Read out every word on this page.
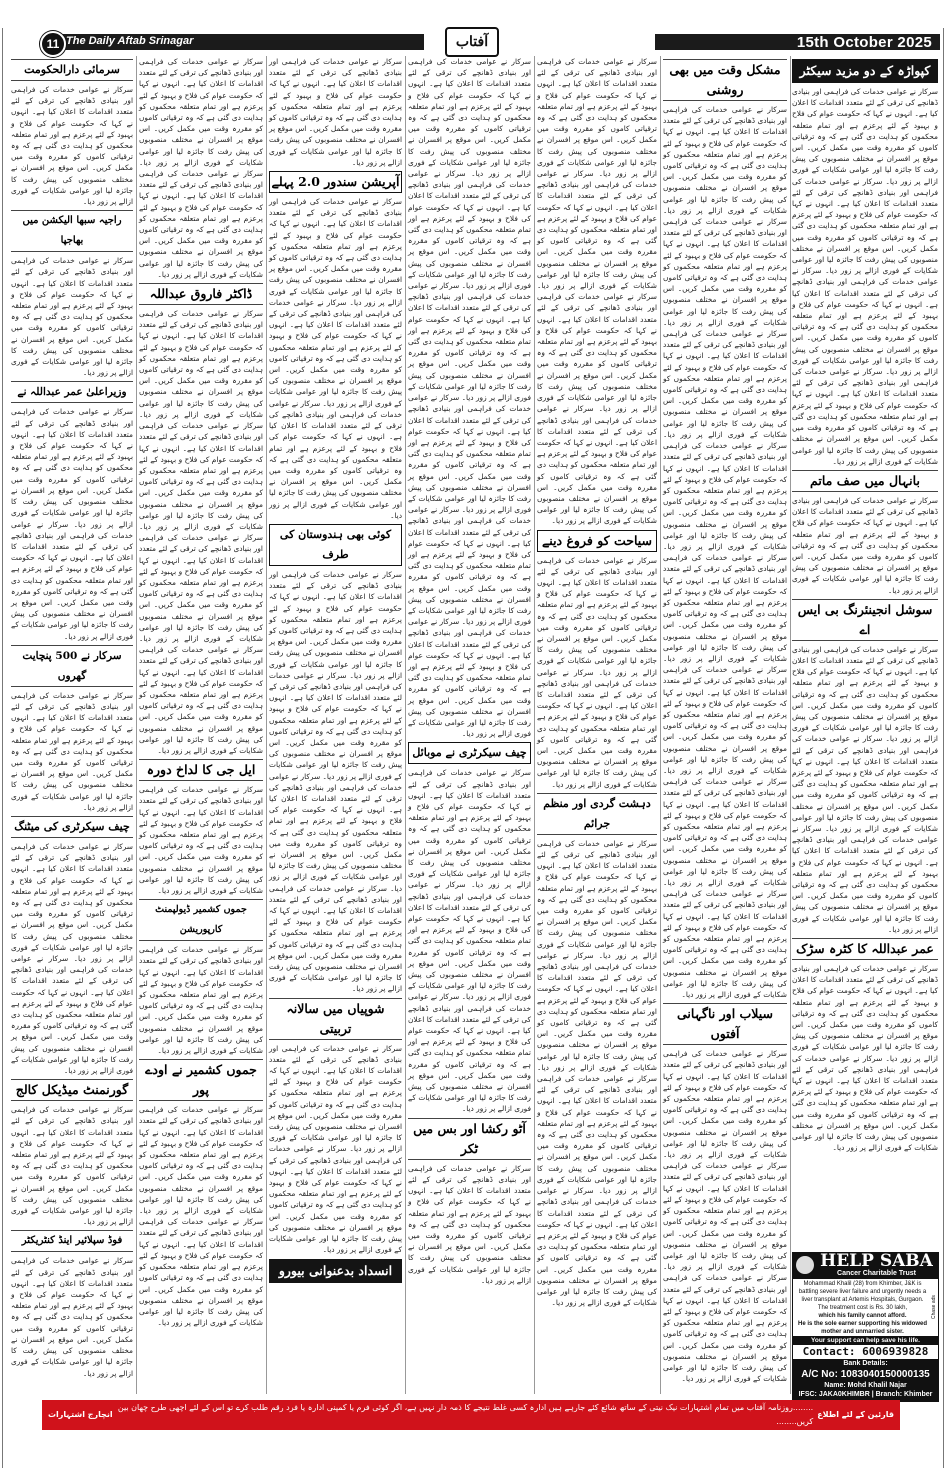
The Daily Aftab Srinagar
11	آفتاب	15th October 2025
کپواڑہ کے دو مزید سیکٹر
سرکار نے عوامی خدمات کی فراہمی اور بنیادی ڈھانچے کی ترقی کے لئے متعدد اقدامات کا اعلان کیا ہے۔ انہوں نے کہا کہ حکومت عوام کی فلاح و بہبود کے لئے پرعزم ہے اور تمام متعلقہ محکموں کو ہدایت دی گئی ہے کہ وہ ترقیاتی کاموں کو مقررہ وقت میں مکمل کریں۔ اس موقع پر افسران نے مختلف منصوبوں کی پیش رفت کا جائزہ لیا اور عوامی شکایات کے فوری ازالے پر زور دیا۔ سرکار نے عوامی خدمات کی فراہمی اور بنیادی ڈھانچے کی ترقی کے لئے متعدد اقدامات کا اعلان کیا ہے۔ انہوں نے کہا کہ حکومت عوام کی فلاح و بہبود کے لئے پرعزم ہے اور تمام متعلقہ محکموں کو ہدایت دی گئی ہے کہ وہ ترقیاتی کاموں کو مقررہ وقت میں مکمل کریں۔ اس موقع پر افسران نے مختلف منصوبوں کی پیش رفت کا جائزہ لیا اور عوامی شکایات کے فوری ازالے پر زور دیا۔ سرکار نے عوامی خدمات کی فراہمی اور بنیادی ڈھانچے کی ترقی کے لئے متعدد اقدامات کا اعلان کیا ہے۔ انہوں نے کہا کہ حکومت عوام کی فلاح و بہبود کے لئے پرعزم ہے اور تمام متعلقہ محکموں کو ہدایت دی گئی ہے کہ وہ ترقیاتی کاموں کو مقررہ وقت میں مکمل کریں۔ اس موقع پر افسران نے مختلف منصوبوں کی پیش رفت کا جائزہ لیا اور عوامی شکایات کے فوری ازالے پر زور دیا۔ سرکار نے عوامی خدمات کی فراہمی اور بنیادی ڈھانچے کی ترقی کے لئے متعدد اقدامات کا اعلان کیا ہے۔ انہوں نے کہا کہ حکومت عوام کی فلاح و بہبود کے لئے پرعزم ہے اور تمام متعلقہ محکموں کو ہدایت دی گئی ہے کہ وہ ترقیاتی کاموں کو مقررہ وقت میں مکمل کریں۔ اس موقع پر افسران نے مختلف منصوبوں کی پیش رفت کا جائزہ لیا اور عوامی شکایات کے فوری ازالے پر زور دیا۔
بانہال میں صف ماتم
سرکار نے عوامی خدمات کی فراہمی اور بنیادی ڈھانچے کی ترقی کے لئے متعدد اقدامات کا اعلان کیا ہے۔ انہوں نے کہا کہ حکومت عوام کی فلاح و بہبود کے لئے پرعزم ہے اور تمام متعلقہ محکموں کو ہدایت دی گئی ہے کہ وہ ترقیاتی کاموں کو مقررہ وقت میں مکمل کریں۔ اس موقع پر افسران نے مختلف منصوبوں کی پیش رفت کا جائزہ لیا اور عوامی شکایات کے فوری ازالے پر زور دیا۔
سوشل انجینئرنگ بی ایس اے
سرکار نے عوامی خدمات کی فراہمی اور بنیادی ڈھانچے کی ترقی کے لئے متعدد اقدامات کا اعلان کیا ہے۔ انہوں نے کہا کہ حکومت عوام کی فلاح و بہبود کے لئے پرعزم ہے اور تمام متعلقہ محکموں کو ہدایت دی گئی ہے کہ وہ ترقیاتی کاموں کو مقررہ وقت میں مکمل کریں۔ اس موقع پر افسران نے مختلف منصوبوں کی پیش رفت کا جائزہ لیا اور عوامی شکایات کے فوری ازالے پر زور دیا۔ سرکار نے عوامی خدمات کی فراہمی اور بنیادی ڈھانچے کی ترقی کے لئے متعدد اقدامات کا اعلان کیا ہے۔ انہوں نے کہا کہ حکومت عوام کی فلاح و بہبود کے لئے پرعزم ہے اور تمام متعلقہ محکموں کو ہدایت دی گئی ہے کہ وہ ترقیاتی کاموں کو مقررہ وقت میں مکمل کریں۔ اس موقع پر افسران نے مختلف منصوبوں کی پیش رفت کا جائزہ لیا اور عوامی شکایات کے فوری ازالے پر زور دیا۔ سرکار نے عوامی خدمات کی فراہمی اور بنیادی ڈھانچے کی ترقی کے لئے متعدد اقدامات کا اعلان کیا ہے۔ انہوں نے کہا کہ حکومت عوام کی فلاح و بہبود کے لئے پرعزم ہے اور تمام متعلقہ محکموں کو ہدایت دی گئی ہے کہ وہ ترقیاتی کاموں کو مقررہ وقت میں مکمل کریں۔ اس موقع پر افسران نے مختلف منصوبوں کی پیش رفت کا جائزہ لیا اور عوامی شکایات کے فوری ازالے پر زور دیا۔
عمر عبداللہ کا کٹرہ سڑک
سرکار نے عوامی خدمات کی فراہمی اور بنیادی ڈھانچے کی ترقی کے لئے متعدد اقدامات کا اعلان کیا ہے۔ انہوں نے کہا کہ حکومت عوام کی فلاح و بہبود کے لئے پرعزم ہے اور تمام متعلقہ محکموں کو ہدایت دی گئی ہے کہ وہ ترقیاتی کاموں کو مقررہ وقت میں مکمل کریں۔ اس موقع پر افسران نے مختلف منصوبوں کی پیش رفت کا جائزہ لیا اور عوامی شکایات کے فوری ازالے پر زور دیا۔ سرکار نے عوامی خدمات کی فراہمی اور بنیادی ڈھانچے کی ترقی کے لئے متعدد اقدامات کا اعلان کیا ہے۔ انہوں نے کہا کہ حکومت عوام کی فلاح و بہبود کے لئے پرعزم ہے اور تمام متعلقہ محکموں کو ہدایت دی گئی ہے کہ وہ ترقیاتی کاموں کو مقررہ وقت میں مکمل کریں۔ اس موقع پر افسران نے مختلف منصوبوں کی پیش رفت کا جائزہ لیا اور عوامی شکایات کے فوری ازالے پر زور دیا۔
مشکل وقت میں بھی روشنی
سرکار نے عوامی خدمات کی فراہمی اور بنیادی ڈھانچے کی ترقی کے لئے متعدد اقدامات کا اعلان کیا ہے۔ انہوں نے کہا کہ حکومت عوام کی فلاح و بہبود کے لئے پرعزم ہے اور تمام متعلقہ محکموں کو ہدایت دی گئی ہے کہ وہ ترقیاتی کاموں کو مقررہ وقت میں مکمل کریں۔ اس موقع پر افسران نے مختلف منصوبوں کی پیش رفت کا جائزہ لیا اور عوامی شکایات کے فوری ازالے پر زور دیا۔ سرکار نے عوامی خدمات کی فراہمی اور بنیادی ڈھانچے کی ترقی کے لئے متعدد اقدامات کا اعلان کیا ہے۔ انہوں نے کہا کہ حکومت عوام کی فلاح و بہبود کے لئے پرعزم ہے اور تمام متعلقہ محکموں کو ہدایت دی گئی ہے کہ وہ ترقیاتی کاموں کو مقررہ وقت میں مکمل کریں۔ اس موقع پر افسران نے مختلف منصوبوں کی پیش رفت کا جائزہ لیا اور عوامی شکایات کے فوری ازالے پر زور دیا۔ سرکار نے عوامی خدمات کی فراہمی اور بنیادی ڈھانچے کی ترقی کے لئے متعدد اقدامات کا اعلان کیا ہے۔ انہوں نے کہا کہ حکومت عوام کی فلاح و بہبود کے لئے پرعزم ہے اور تمام متعلقہ محکموں کو ہدایت دی گئی ہے کہ وہ ترقیاتی کاموں کو مقررہ وقت میں مکمل کریں۔ اس موقع پر افسران نے مختلف منصوبوں کی پیش رفت کا جائزہ لیا اور عوامی شکایات کے فوری ازالے پر زور دیا۔ سرکار نے عوامی خدمات کی فراہمی اور بنیادی ڈھانچے کی ترقی کے لئے متعدد اقدامات کا اعلان کیا ہے۔ انہوں نے کہا کہ حکومت عوام کی فلاح و بہبود کے لئے پرعزم ہے اور تمام متعلقہ محکموں کو ہدایت دی گئی ہے کہ وہ ترقیاتی کاموں کو مقررہ وقت میں مکمل کریں۔ اس موقع پر افسران نے مختلف منصوبوں کی پیش رفت کا جائزہ لیا اور عوامی شکایات کے فوری ازالے پر زور دیا۔ سرکار نے عوامی خدمات کی فراہمی اور بنیادی ڈھانچے کی ترقی کے لئے متعدد اقدامات کا اعلان کیا ہے۔ انہوں نے کہا کہ حکومت عوام کی فلاح و بہبود کے لئے پرعزم ہے اور تمام متعلقہ محکموں کو ہدایت دی گئی ہے کہ وہ ترقیاتی کاموں کو مقررہ وقت میں مکمل کریں۔ اس موقع پر افسران نے مختلف منصوبوں کی پیش رفت کا جائزہ لیا اور عوامی شکایات کے فوری ازالے پر زور دیا۔ سرکار نے عوامی خدمات کی فراہمی اور بنیادی ڈھانچے کی ترقی کے لئے متعدد اقدامات کا اعلان کیا ہے۔ انہوں نے کہا کہ حکومت عوام کی فلاح و بہبود کے لئے پرعزم ہے اور تمام متعلقہ محکموں کو ہدایت دی گئی ہے کہ وہ ترقیاتی کاموں کو مقررہ وقت میں مکمل کریں۔ اس موقع پر افسران نے مختلف منصوبوں کی پیش رفت کا جائزہ لیا اور عوامی شکایات کے فوری ازالے پر زور دیا۔ سرکار نے عوامی خدمات کی فراہمی اور بنیادی ڈھانچے کی ترقی کے لئے متعدد اقدامات کا اعلان کیا ہے۔ انہوں نے کہا کہ حکومت عوام کی فلاح و بہبود کے لئے پرعزم ہے اور تمام متعلقہ محکموں کو ہدایت دی گئی ہے کہ وہ ترقیاتی کاموں کو مقررہ وقت میں مکمل کریں۔ اس موقع پر افسران نے مختلف منصوبوں کی پیش رفت کا جائزہ لیا اور عوامی شکایات کے فوری ازالے پر زور دیا۔ سرکار نے عوامی خدمات کی فراہمی اور بنیادی ڈھانچے کی ترقی کے لئے متعدد اقدامات کا اعلان کیا ہے۔ انہوں نے کہا کہ حکومت عوام کی فلاح و بہبود کے لئے پرعزم ہے اور تمام متعلقہ محکموں کو ہدایت دی گئی ہے کہ وہ ترقیاتی کاموں کو مقررہ وقت میں مکمل کریں۔ اس موقع پر افسران نے مختلف منصوبوں کی پیش رفت کا جائزہ لیا اور عوامی شکایات کے فوری ازالے پر زور دیا۔
سیلاب اور ناگہانی آفتوں
سرکار نے عوامی خدمات کی فراہمی اور بنیادی ڈھانچے کی ترقی کے لئے متعدد اقدامات کا اعلان کیا ہے۔ انہوں نے کہا کہ حکومت عوام کی فلاح و بہبود کے لئے پرعزم ہے اور تمام متعلقہ محکموں کو ہدایت دی گئی ہے کہ وہ ترقیاتی کاموں کو مقررہ وقت میں مکمل کریں۔ اس موقع پر افسران نے مختلف منصوبوں کی پیش رفت کا جائزہ لیا اور عوامی شکایات کے فوری ازالے پر زور دیا۔ سرکار نے عوامی خدمات کی فراہمی اور بنیادی ڈھانچے کی ترقی کے لئے متعدد اقدامات کا اعلان کیا ہے۔ انہوں نے کہا کہ حکومت عوام کی فلاح و بہبود کے لئے پرعزم ہے اور تمام متعلقہ محکموں کو ہدایت دی گئی ہے کہ وہ ترقیاتی کاموں کو مقررہ وقت میں مکمل کریں۔ اس موقع پر افسران نے مختلف منصوبوں کی پیش رفت کا جائزہ لیا اور عوامی شکایات کے فوری ازالے پر زور دیا۔ سرکار نے عوامی خدمات کی فراہمی اور بنیادی ڈھانچے کی ترقی کے لئے متعدد اقدامات کا اعلان کیا ہے۔ انہوں نے کہا کہ حکومت عوام کی فلاح و بہبود کے لئے پرعزم ہے اور تمام متعلقہ محکموں کو ہدایت دی گئی ہے کہ وہ ترقیاتی کاموں کو مقررہ وقت میں مکمل کریں۔ اس موقع پر افسران نے مختلف منصوبوں کی پیش رفت کا جائزہ لیا اور عوامی شکایات کے فوری ازالے پر زور دیا۔
سرکار نے عوامی خدمات کی فراہمی اور بنیادی ڈھانچے کی ترقی کے لئے متعدد اقدامات کا اعلان کیا ہے۔ انہوں نے کہا کہ حکومت عوام کی فلاح و بہبود کے لئے پرعزم ہے اور تمام متعلقہ محکموں کو ہدایت دی گئی ہے کہ وہ ترقیاتی کاموں کو مقررہ وقت میں مکمل کریں۔ اس موقع پر افسران نے مختلف منصوبوں کی پیش رفت کا جائزہ لیا اور عوامی شکایات کے فوری ازالے پر زور دیا۔ سرکار نے عوامی خدمات کی فراہمی اور بنیادی ڈھانچے کی ترقی کے لئے متعدد اقدامات کا اعلان کیا ہے۔ انہوں نے کہا کہ حکومت عوام کی فلاح و بہبود کے لئے پرعزم ہے اور تمام متعلقہ محکموں کو ہدایت دی گئی ہے کہ وہ ترقیاتی کاموں کو مقررہ وقت میں مکمل کریں۔ اس موقع پر افسران نے مختلف منصوبوں کی پیش رفت کا جائزہ لیا اور عوامی شکایات کے فوری ازالے پر زور دیا۔ سرکار نے عوامی خدمات کی فراہمی اور بنیادی ڈھانچے کی ترقی کے لئے متعدد اقدامات کا اعلان کیا ہے۔ انہوں نے کہا کہ حکومت عوام کی فلاح و بہبود کے لئے پرعزم ہے اور تمام متعلقہ محکموں کو ہدایت دی گئی ہے کہ وہ ترقیاتی کاموں کو مقررہ وقت میں مکمل کریں۔ اس موقع پر افسران نے مختلف منصوبوں کی پیش رفت کا جائزہ لیا اور عوامی شکایات کے فوری ازالے پر زور دیا۔ سرکار نے عوامی خدمات کی فراہمی اور بنیادی ڈھانچے کی ترقی کے لئے متعدد اقدامات کا اعلان کیا ہے۔ انہوں نے کہا کہ حکومت عوام کی فلاح و بہبود کے لئے پرعزم ہے اور تمام متعلقہ محکموں کو ہدایت دی گئی ہے کہ وہ ترقیاتی کاموں کو مقررہ وقت میں مکمل کریں۔ اس موقع پر افسران نے مختلف منصوبوں کی پیش رفت کا جائزہ لیا اور عوامی شکایات کے فوری ازالے پر زور دیا۔
سیاحت کو فروغ دینے
سرکار نے عوامی خدمات کی فراہمی اور بنیادی ڈھانچے کی ترقی کے لئے متعدد اقدامات کا اعلان کیا ہے۔ انہوں نے کہا کہ حکومت عوام کی فلاح و بہبود کے لئے پرعزم ہے اور تمام متعلقہ محکموں کو ہدایت دی گئی ہے کہ وہ ترقیاتی کاموں کو مقررہ وقت میں مکمل کریں۔ اس موقع پر افسران نے مختلف منصوبوں کی پیش رفت کا جائزہ لیا اور عوامی شکایات کے فوری ازالے پر زور دیا۔ سرکار نے عوامی خدمات کی فراہمی اور بنیادی ڈھانچے کی ترقی کے لئے متعدد اقدامات کا اعلان کیا ہے۔ انہوں نے کہا کہ حکومت عوام کی فلاح و بہبود کے لئے پرعزم ہے اور تمام متعلقہ محکموں کو ہدایت دی گئی ہے کہ وہ ترقیاتی کاموں کو مقررہ وقت میں مکمل کریں۔ اس موقع پر افسران نے مختلف منصوبوں کی پیش رفت کا جائزہ لیا اور عوامی شکایات کے فوری ازالے پر زور دیا۔
دہشت گردی اور منظم جرائم
سرکار نے عوامی خدمات کی فراہمی اور بنیادی ڈھانچے کی ترقی کے لئے متعدد اقدامات کا اعلان کیا ہے۔ انہوں نے کہا کہ حکومت عوام کی فلاح و بہبود کے لئے پرعزم ہے اور تمام متعلقہ محکموں کو ہدایت دی گئی ہے کہ وہ ترقیاتی کاموں کو مقررہ وقت میں مکمل کریں۔ اس موقع پر افسران نے مختلف منصوبوں کی پیش رفت کا جائزہ لیا اور عوامی شکایات کے فوری ازالے پر زور دیا۔ سرکار نے عوامی خدمات کی فراہمی اور بنیادی ڈھانچے کی ترقی کے لئے متعدد اقدامات کا اعلان کیا ہے۔ انہوں نے کہا کہ حکومت عوام کی فلاح و بہبود کے لئے پرعزم ہے اور تمام متعلقہ محکموں کو ہدایت دی گئی ہے کہ وہ ترقیاتی کاموں کو مقررہ وقت میں مکمل کریں۔ اس موقع پر افسران نے مختلف منصوبوں کی پیش رفت کا جائزہ لیا اور عوامی شکایات کے فوری ازالے پر زور دیا۔ سرکار نے عوامی خدمات کی فراہمی اور بنیادی ڈھانچے کی ترقی کے لئے متعدد اقدامات کا اعلان کیا ہے۔ انہوں نے کہا کہ حکومت عوام کی فلاح و بہبود کے لئے پرعزم ہے اور تمام متعلقہ محکموں کو ہدایت دی گئی ہے کہ وہ ترقیاتی کاموں کو مقررہ وقت میں مکمل کریں۔ اس موقع پر افسران نے مختلف منصوبوں کی پیش رفت کا جائزہ لیا اور عوامی شکایات کے فوری ازالے پر زور دیا۔ سرکار نے عوامی خدمات کی فراہمی اور بنیادی ڈھانچے کی ترقی کے لئے متعدد اقدامات کا اعلان کیا ہے۔ انہوں نے کہا کہ حکومت عوام کی فلاح و بہبود کے لئے پرعزم ہے اور تمام متعلقہ محکموں کو ہدایت دی گئی ہے کہ وہ ترقیاتی کاموں کو مقررہ وقت میں مکمل کریں۔ اس موقع پر افسران نے مختلف منصوبوں کی پیش رفت کا جائزہ لیا اور عوامی شکایات کے فوری ازالے پر زور دیا۔
سرکار نے عوامی خدمات کی فراہمی اور بنیادی ڈھانچے کی ترقی کے لئے متعدد اقدامات کا اعلان کیا ہے۔ انہوں نے کہا کہ حکومت عوام کی فلاح و بہبود کے لئے پرعزم ہے اور تمام متعلقہ محکموں کو ہدایت دی گئی ہے کہ وہ ترقیاتی کاموں کو مقررہ وقت میں مکمل کریں۔ اس موقع پر افسران نے مختلف منصوبوں کی پیش رفت کا جائزہ لیا اور عوامی شکایات کے فوری ازالے پر زور دیا۔ سرکار نے عوامی خدمات کی فراہمی اور بنیادی ڈھانچے کی ترقی کے لئے متعدد اقدامات کا اعلان کیا ہے۔ انہوں نے کہا کہ حکومت عوام کی فلاح و بہبود کے لئے پرعزم ہے اور تمام متعلقہ محکموں کو ہدایت دی گئی ہے کہ وہ ترقیاتی کاموں کو مقررہ وقت میں مکمل کریں۔ اس موقع پر افسران نے مختلف منصوبوں کی پیش رفت کا جائزہ لیا اور عوامی شکایات کے فوری ازالے پر زور دیا۔ سرکار نے عوامی خدمات کی فراہمی اور بنیادی ڈھانچے کی ترقی کے لئے متعدد اقدامات کا اعلان کیا ہے۔ انہوں نے کہا کہ حکومت عوام کی فلاح و بہبود کے لئے پرعزم ہے اور تمام متعلقہ محکموں کو ہدایت دی گئی ہے کہ وہ ترقیاتی کاموں کو مقررہ وقت میں مکمل کریں۔ اس موقع پر افسران نے مختلف منصوبوں کی پیش رفت کا جائزہ لیا اور عوامی شکایات کے فوری ازالے پر زور دیا۔ سرکار نے عوامی خدمات کی فراہمی اور بنیادی ڈھانچے کی ترقی کے لئے متعدد اقدامات کا اعلان کیا ہے۔ انہوں نے کہا کہ حکومت عوام کی فلاح و بہبود کے لئے پرعزم ہے اور تمام متعلقہ محکموں کو ہدایت دی گئی ہے کہ وہ ترقیاتی کاموں کو مقررہ وقت میں مکمل کریں۔ اس موقع پر افسران نے مختلف منصوبوں کی پیش رفت کا جائزہ لیا اور عوامی شکایات کے فوری ازالے پر زور دیا۔ سرکار نے عوامی خدمات کی فراہمی اور بنیادی ڈھانچے کی ترقی کے لئے متعدد اقدامات کا اعلان کیا ہے۔ انہوں نے کہا کہ حکومت عوام کی فلاح و بہبود کے لئے پرعزم ہے اور تمام متعلقہ محکموں کو ہدایت دی گئی ہے کہ وہ ترقیاتی کاموں کو مقررہ وقت میں مکمل کریں۔ اس موقع پر افسران نے مختلف منصوبوں کی پیش رفت کا جائزہ لیا اور عوامی شکایات کے فوری ازالے پر زور دیا۔ سرکار نے عوامی خدمات کی فراہمی اور بنیادی ڈھانچے کی ترقی کے لئے متعدد اقدامات کا اعلان کیا ہے۔ انہوں نے کہا کہ حکومت عوام کی فلاح و بہبود کے لئے پرعزم ہے اور تمام متعلقہ محکموں کو ہدایت دی گئی ہے کہ وہ ترقیاتی کاموں کو مقررہ وقت میں مکمل کریں۔ اس موقع پر افسران نے مختلف منصوبوں کی پیش رفت کا جائزہ لیا اور عوامی شکایات کے فوری ازالے پر زور دیا۔
چیف سیکرٹری نے موبائل
سرکار نے عوامی خدمات کی فراہمی اور بنیادی ڈھانچے کی ترقی کے لئے متعدد اقدامات کا اعلان کیا ہے۔ انہوں نے کہا کہ حکومت عوام کی فلاح و بہبود کے لئے پرعزم ہے اور تمام متعلقہ محکموں کو ہدایت دی گئی ہے کہ وہ ترقیاتی کاموں کو مقررہ وقت میں مکمل کریں۔ اس موقع پر افسران نے مختلف منصوبوں کی پیش رفت کا جائزہ لیا اور عوامی شکایات کے فوری ازالے پر زور دیا۔ سرکار نے عوامی خدمات کی فراہمی اور بنیادی ڈھانچے کی ترقی کے لئے متعدد اقدامات کا اعلان کیا ہے۔ انہوں نے کہا کہ حکومت عوام کی فلاح و بہبود کے لئے پرعزم ہے اور تمام متعلقہ محکموں کو ہدایت دی گئی ہے کہ وہ ترقیاتی کاموں کو مقررہ وقت میں مکمل کریں۔ اس موقع پر افسران نے مختلف منصوبوں کی پیش رفت کا جائزہ لیا اور عوامی شکایات کے فوری ازالے پر زور دیا۔ سرکار نے عوامی خدمات کی فراہمی اور بنیادی ڈھانچے کی ترقی کے لئے متعدد اقدامات کا اعلان کیا ہے۔ انہوں نے کہا کہ حکومت عوام کی فلاح و بہبود کے لئے پرعزم ہے اور تمام متعلقہ محکموں کو ہدایت دی گئی ہے کہ وہ ترقیاتی کاموں کو مقررہ وقت میں مکمل کریں۔ اس موقع پر افسران نے مختلف منصوبوں کی پیش رفت کا جائزہ لیا اور عوامی شکایات کے فوری ازالے پر زور دیا۔
آٹو رکشا اور بس میں ٹکر
سرکار نے عوامی خدمات کی فراہمی اور بنیادی ڈھانچے کی ترقی کے لئے متعدد اقدامات کا اعلان کیا ہے۔ انہوں نے کہا کہ حکومت عوام کی فلاح و بہبود کے لئے پرعزم ہے اور تمام متعلقہ محکموں کو ہدایت دی گئی ہے کہ وہ ترقیاتی کاموں کو مقررہ وقت میں مکمل کریں۔ اس موقع پر افسران نے مختلف منصوبوں کی پیش رفت کا جائزہ لیا اور عوامی شکایات کے فوری ازالے پر زور دیا۔
سرکار نے عوامی خدمات کی فراہمی اور بنیادی ڈھانچے کی ترقی کے لئے متعدد اقدامات کا اعلان کیا ہے۔ انہوں نے کہا کہ حکومت عوام کی فلاح و بہبود کے لئے پرعزم ہے اور تمام متعلقہ محکموں کو ہدایت دی گئی ہے کہ وہ ترقیاتی کاموں کو مقررہ وقت میں مکمل کریں۔ اس موقع پر افسران نے مختلف منصوبوں کی پیش رفت کا جائزہ لیا اور عوامی شکایات کے فوری ازالے پر زور دیا۔
آپریشن سندور 2.0 پہلے
سرکار نے عوامی خدمات کی فراہمی اور بنیادی ڈھانچے کی ترقی کے لئے متعدد اقدامات کا اعلان کیا ہے۔ انہوں نے کہا کہ حکومت عوام کی فلاح و بہبود کے لئے پرعزم ہے اور تمام متعلقہ محکموں کو ہدایت دی گئی ہے کہ وہ ترقیاتی کاموں کو مقررہ وقت میں مکمل کریں۔ اس موقع پر افسران نے مختلف منصوبوں کی پیش رفت کا جائزہ لیا اور عوامی شکایات کے فوری ازالے پر زور دیا۔ سرکار نے عوامی خدمات کی فراہمی اور بنیادی ڈھانچے کی ترقی کے لئے متعدد اقدامات کا اعلان کیا ہے۔ انہوں نے کہا کہ حکومت عوام کی فلاح و بہبود کے لئے پرعزم ہے اور تمام متعلقہ محکموں کو ہدایت دی گئی ہے کہ وہ ترقیاتی کاموں کو مقررہ وقت میں مکمل کریں۔ اس موقع پر افسران نے مختلف منصوبوں کی پیش رفت کا جائزہ لیا اور عوامی شکایات کے فوری ازالے پر زور دیا۔ سرکار نے عوامی خدمات کی فراہمی اور بنیادی ڈھانچے کی ترقی کے لئے متعدد اقدامات کا اعلان کیا ہے۔ انہوں نے کہا کہ حکومت عوام کی فلاح و بہبود کے لئے پرعزم ہے اور تمام متعلقہ محکموں کو ہدایت دی گئی ہے کہ وہ ترقیاتی کاموں کو مقررہ وقت میں مکمل کریں۔ اس موقع پر افسران نے مختلف منصوبوں کی پیش رفت کا جائزہ لیا اور عوامی شکایات کے فوری ازالے پر زور دیا۔
کوئی بھی ہندوستان کی طرف
سرکار نے عوامی خدمات کی فراہمی اور بنیادی ڈھانچے کی ترقی کے لئے متعدد اقدامات کا اعلان کیا ہے۔ انہوں نے کہا کہ حکومت عوام کی فلاح و بہبود کے لئے پرعزم ہے اور تمام متعلقہ محکموں کو ہدایت دی گئی ہے کہ وہ ترقیاتی کاموں کو مقررہ وقت میں مکمل کریں۔ اس موقع پر افسران نے مختلف منصوبوں کی پیش رفت کا جائزہ لیا اور عوامی شکایات کے فوری ازالے پر زور دیا۔ سرکار نے عوامی خدمات کی فراہمی اور بنیادی ڈھانچے کی ترقی کے لئے متعدد اقدامات کا اعلان کیا ہے۔ انہوں نے کہا کہ حکومت عوام کی فلاح و بہبود کے لئے پرعزم ہے اور تمام متعلقہ محکموں کو ہدایت دی گئی ہے کہ وہ ترقیاتی کاموں کو مقررہ وقت میں مکمل کریں۔ اس موقع پر افسران نے مختلف منصوبوں کی پیش رفت کا جائزہ لیا اور عوامی شکایات کے فوری ازالے پر زور دیا۔ سرکار نے عوامی خدمات کی فراہمی اور بنیادی ڈھانچے کی ترقی کے لئے متعدد اقدامات کا اعلان کیا ہے۔ انہوں نے کہا کہ حکومت عوام کی فلاح و بہبود کے لئے پرعزم ہے اور تمام متعلقہ محکموں کو ہدایت دی گئی ہے کہ وہ ترقیاتی کاموں کو مقررہ وقت میں مکمل کریں۔ اس موقع پر افسران نے مختلف منصوبوں کی پیش رفت کا جائزہ لیا اور عوامی شکایات کے فوری ازالے پر زور دیا۔ سرکار نے عوامی خدمات کی فراہمی اور بنیادی ڈھانچے کی ترقی کے لئے متعدد اقدامات کا اعلان کیا ہے۔ انہوں نے کہا کہ حکومت عوام کی فلاح و بہبود کے لئے پرعزم ہے اور تمام متعلقہ محکموں کو ہدایت دی گئی ہے کہ وہ ترقیاتی کاموں کو مقررہ وقت میں مکمل کریں۔ اس موقع پر افسران نے مختلف منصوبوں کی پیش رفت کا جائزہ لیا اور عوامی شکایات کے فوری ازالے پر زور دیا۔
شوپیاں میں سالانہ تربیتی
سرکار نے عوامی خدمات کی فراہمی اور بنیادی ڈھانچے کی ترقی کے لئے متعدد اقدامات کا اعلان کیا ہے۔ انہوں نے کہا کہ حکومت عوام کی فلاح و بہبود کے لئے پرعزم ہے اور تمام متعلقہ محکموں کو ہدایت دی گئی ہے کہ وہ ترقیاتی کاموں کو مقررہ وقت میں مکمل کریں۔ اس موقع پر افسران نے مختلف منصوبوں کی پیش رفت کا جائزہ لیا اور عوامی شکایات کے فوری ازالے پر زور دیا۔ سرکار نے عوامی خدمات کی فراہمی اور بنیادی ڈھانچے کی ترقی کے لئے متعدد اقدامات کا اعلان کیا ہے۔ انہوں نے کہا کہ حکومت عوام کی فلاح و بہبود کے لئے پرعزم ہے اور تمام متعلقہ محکموں کو ہدایت دی گئی ہے کہ وہ ترقیاتی کاموں کو مقررہ وقت میں مکمل کریں۔ اس موقع پر افسران نے مختلف منصوبوں کی پیش رفت کا جائزہ لیا اور عوامی شکایات کے فوری ازالے پر زور دیا۔
انسداد بدعنوانی بیورو
سرکار نے عوامی خدمات کی فراہمی اور بنیادی ڈھانچے کی ترقی کے لئے متعدد اقدامات کا اعلان کیا ہے۔ انہوں نے کہا کہ حکومت عوام کی فلاح و بہبود کے لئے پرعزم ہے اور تمام متعلقہ محکموں کو ہدایت دی گئی ہے کہ وہ ترقیاتی کاموں کو مقررہ وقت میں مکمل کریں۔ اس موقع پر افسران نے مختلف منصوبوں کی پیش رفت کا جائزہ لیا اور عوامی شکایات کے فوری ازالے پر زور دیا۔ سرکار نے عوامی خدمات کی فراہمی اور بنیادی ڈھانچے کی ترقی کے لئے متعدد اقدامات کا اعلان کیا ہے۔ انہوں نے کہا کہ حکومت عوام کی فلاح و بہبود کے لئے پرعزم ہے اور تمام متعلقہ محکموں کو ہدایت دی گئی ہے کہ وہ ترقیاتی کاموں کو مقررہ وقت میں مکمل کریں۔ اس موقع پر افسران نے مختلف منصوبوں کی پیش رفت کا جائزہ لیا اور عوامی شکایات کے فوری ازالے پر زور دیا۔
ڈاکٹر فاروق عبداللہ
سرکار نے عوامی خدمات کی فراہمی اور بنیادی ڈھانچے کی ترقی کے لئے متعدد اقدامات کا اعلان کیا ہے۔ انہوں نے کہا کہ حکومت عوام کی فلاح و بہبود کے لئے پرعزم ہے اور تمام متعلقہ محکموں کو ہدایت دی گئی ہے کہ وہ ترقیاتی کاموں کو مقررہ وقت میں مکمل کریں۔ اس موقع پر افسران نے مختلف منصوبوں کی پیش رفت کا جائزہ لیا اور عوامی شکایات کے فوری ازالے پر زور دیا۔ سرکار نے عوامی خدمات کی فراہمی اور بنیادی ڈھانچے کی ترقی کے لئے متعدد اقدامات کا اعلان کیا ہے۔ انہوں نے کہا کہ حکومت عوام کی فلاح و بہبود کے لئے پرعزم ہے اور تمام متعلقہ محکموں کو ہدایت دی گئی ہے کہ وہ ترقیاتی کاموں کو مقررہ وقت میں مکمل کریں۔ اس موقع پر افسران نے مختلف منصوبوں کی پیش رفت کا جائزہ لیا اور عوامی شکایات کے فوری ازالے پر زور دیا۔ سرکار نے عوامی خدمات کی فراہمی اور بنیادی ڈھانچے کی ترقی کے لئے متعدد اقدامات کا اعلان کیا ہے۔ انہوں نے کہا کہ حکومت عوام کی فلاح و بہبود کے لئے پرعزم ہے اور تمام متعلقہ محکموں کو ہدایت دی گئی ہے کہ وہ ترقیاتی کاموں کو مقررہ وقت میں مکمل کریں۔ اس موقع پر افسران نے مختلف منصوبوں کی پیش رفت کا جائزہ لیا اور عوامی شکایات کے فوری ازالے پر زور دیا۔ سرکار نے عوامی خدمات کی فراہمی اور بنیادی ڈھانچے کی ترقی کے لئے متعدد اقدامات کا اعلان کیا ہے۔ انہوں نے کہا کہ حکومت عوام کی فلاح و بہبود کے لئے پرعزم ہے اور تمام متعلقہ محکموں کو ہدایت دی گئی ہے کہ وہ ترقیاتی کاموں کو مقررہ وقت میں مکمل کریں۔ اس موقع پر افسران نے مختلف منصوبوں کی پیش رفت کا جائزہ لیا اور عوامی شکایات کے فوری ازالے پر زور دیا۔
ایل جی کا لداخ دورہ
سرکار نے عوامی خدمات کی فراہمی اور بنیادی ڈھانچے کی ترقی کے لئے متعدد اقدامات کا اعلان کیا ہے۔ انہوں نے کہا کہ حکومت عوام کی فلاح و بہبود کے لئے پرعزم ہے اور تمام متعلقہ محکموں کو ہدایت دی گئی ہے کہ وہ ترقیاتی کاموں کو مقررہ وقت میں مکمل کریں۔ اس موقع پر افسران نے مختلف منصوبوں کی پیش رفت کا جائزہ لیا اور عوامی شکایات کے فوری ازالے پر زور دیا۔
جموں کشمیر ڈیولپمنٹ کارپوریشن
سرکار نے عوامی خدمات کی فراہمی اور بنیادی ڈھانچے کی ترقی کے لئے متعدد اقدامات کا اعلان کیا ہے۔ انہوں نے کہا کہ حکومت عوام کی فلاح و بہبود کے لئے پرعزم ہے اور تمام متعلقہ محکموں کو ہدایت دی گئی ہے کہ وہ ترقیاتی کاموں کو مقررہ وقت میں مکمل کریں۔ اس موقع پر افسران نے مختلف منصوبوں کی پیش رفت کا جائزہ لیا اور عوامی شکایات کے فوری ازالے پر زور دیا۔
جموں کشمیر نے اودے پور
سرکار نے عوامی خدمات کی فراہمی اور بنیادی ڈھانچے کی ترقی کے لئے متعدد اقدامات کا اعلان کیا ہے۔ انہوں نے کہا کہ حکومت عوام کی فلاح و بہبود کے لئے پرعزم ہے اور تمام متعلقہ محکموں کو ہدایت دی گئی ہے کہ وہ ترقیاتی کاموں کو مقررہ وقت میں مکمل کریں۔ اس موقع پر افسران نے مختلف منصوبوں کی پیش رفت کا جائزہ لیا اور عوامی شکایات کے فوری ازالے پر زور دیا۔ سرکار نے عوامی خدمات کی فراہمی اور بنیادی ڈھانچے کی ترقی کے لئے متعدد اقدامات کا اعلان کیا ہے۔ انہوں نے کہا کہ حکومت عوام کی فلاح و بہبود کے لئے پرعزم ہے اور تمام متعلقہ محکموں کو ہدایت دی گئی ہے کہ وہ ترقیاتی کاموں کو مقررہ وقت میں مکمل کریں۔ اس موقع پر افسران نے مختلف منصوبوں کی پیش رفت کا جائزہ لیا اور عوامی شکایات کے فوری ازالے پر زور دیا۔
سرمائی دارالحکومت
سرکار نے عوامی خدمات کی فراہمی اور بنیادی ڈھانچے کی ترقی کے لئے متعدد اقدامات کا اعلان کیا ہے۔ انہوں نے کہا کہ حکومت عوام کی فلاح و بہبود کے لئے پرعزم ہے اور تمام متعلقہ محکموں کو ہدایت دی گئی ہے کہ وہ ترقیاتی کاموں کو مقررہ وقت میں مکمل کریں۔ اس موقع پر افسران نے مختلف منصوبوں کی پیش رفت کا جائزہ لیا اور عوامی شکایات کے فوری ازالے پر زور دیا۔
راجیہ سبھا الیکشن میں بھاجپا
سرکار نے عوامی خدمات کی فراہمی اور بنیادی ڈھانچے کی ترقی کے لئے متعدد اقدامات کا اعلان کیا ہے۔ انہوں نے کہا کہ حکومت عوام کی فلاح و بہبود کے لئے پرعزم ہے اور تمام متعلقہ محکموں کو ہدایت دی گئی ہے کہ وہ ترقیاتی کاموں کو مقررہ وقت میں مکمل کریں۔ اس موقع پر افسران نے مختلف منصوبوں کی پیش رفت کا جائزہ لیا اور عوامی شکایات کے فوری ازالے پر زور دیا۔
وزیراعلیٰ عمر عبداللہ نے
سرکار نے عوامی خدمات کی فراہمی اور بنیادی ڈھانچے کی ترقی کے لئے متعدد اقدامات کا اعلان کیا ہے۔ انہوں نے کہا کہ حکومت عوام کی فلاح و بہبود کے لئے پرعزم ہے اور تمام متعلقہ محکموں کو ہدایت دی گئی ہے کہ وہ ترقیاتی کاموں کو مقررہ وقت میں مکمل کریں۔ اس موقع پر افسران نے مختلف منصوبوں کی پیش رفت کا جائزہ لیا اور عوامی شکایات کے فوری ازالے پر زور دیا۔ سرکار نے عوامی خدمات کی فراہمی اور بنیادی ڈھانچے کی ترقی کے لئے متعدد اقدامات کا اعلان کیا ہے۔ انہوں نے کہا کہ حکومت عوام کی فلاح و بہبود کے لئے پرعزم ہے اور تمام متعلقہ محکموں کو ہدایت دی گئی ہے کہ وہ ترقیاتی کاموں کو مقررہ وقت میں مکمل کریں۔ اس موقع پر افسران نے مختلف منصوبوں کی پیش رفت کا جائزہ لیا اور عوامی شکایات کے فوری ازالے پر زور دیا۔
سرکار نے 500 پنچایت گھروں
سرکار نے عوامی خدمات کی فراہمی اور بنیادی ڈھانچے کی ترقی کے لئے متعدد اقدامات کا اعلان کیا ہے۔ انہوں نے کہا کہ حکومت عوام کی فلاح و بہبود کے لئے پرعزم ہے اور تمام متعلقہ محکموں کو ہدایت دی گئی ہے کہ وہ ترقیاتی کاموں کو مقررہ وقت میں مکمل کریں۔ اس موقع پر افسران نے مختلف منصوبوں کی پیش رفت کا جائزہ لیا اور عوامی شکایات کے فوری ازالے پر زور دیا۔
چیف سیکرٹری کی میٹنگ
سرکار نے عوامی خدمات کی فراہمی اور بنیادی ڈھانچے کی ترقی کے لئے متعدد اقدامات کا اعلان کیا ہے۔ انہوں نے کہا کہ حکومت عوام کی فلاح و بہبود کے لئے پرعزم ہے اور تمام متعلقہ محکموں کو ہدایت دی گئی ہے کہ وہ ترقیاتی کاموں کو مقررہ وقت میں مکمل کریں۔ اس موقع پر افسران نے مختلف منصوبوں کی پیش رفت کا جائزہ لیا اور عوامی شکایات کے فوری ازالے پر زور دیا۔ سرکار نے عوامی خدمات کی فراہمی اور بنیادی ڈھانچے کی ترقی کے لئے متعدد اقدامات کا اعلان کیا ہے۔ انہوں نے کہا کہ حکومت عوام کی فلاح و بہبود کے لئے پرعزم ہے اور تمام متعلقہ محکموں کو ہدایت دی گئی ہے کہ وہ ترقیاتی کاموں کو مقررہ وقت میں مکمل کریں۔ اس موقع پر افسران نے مختلف منصوبوں کی پیش رفت کا جائزہ لیا اور عوامی شکایات کے فوری ازالے پر زور دیا۔
گورنمنٹ میڈیکل کالج
سرکار نے عوامی خدمات کی فراہمی اور بنیادی ڈھانچے کی ترقی کے لئے متعدد اقدامات کا اعلان کیا ہے۔ انہوں نے کہا کہ حکومت عوام کی فلاح و بہبود کے لئے پرعزم ہے اور تمام متعلقہ محکموں کو ہدایت دی گئی ہے کہ وہ ترقیاتی کاموں کو مقررہ وقت میں مکمل کریں۔ اس موقع پر افسران نے مختلف منصوبوں کی پیش رفت کا جائزہ لیا اور عوامی شکایات کے فوری ازالے پر زور دیا۔
فوڈ سپلائیر اینڈ کنٹریکٹر
سرکار نے عوامی خدمات کی فراہمی اور بنیادی ڈھانچے کی ترقی کے لئے متعدد اقدامات کا اعلان کیا ہے۔ انہوں نے کہا کہ حکومت عوام کی فلاح و بہبود کے لئے پرعزم ہے اور تمام متعلقہ محکموں کو ہدایت دی گئی ہے کہ وہ ترقیاتی کاموں کو مقررہ وقت میں مکمل کریں۔ اس موقع پر افسران نے مختلف منصوبوں کی پیش رفت کا جائزہ لیا اور عوامی شکایات کے فوری ازالے پر زور دیا۔
HELP SABA
Cancer Charitable Trust
Mohammad Khalil (28) from Khimber, J&K is battling severe liver failure and urgently needs a liver transplant at Artemis Hospitals, Gurgaon. The treatment cost is Rs. 30 lakh,
which his family cannot afford.
He is the sole earner supporting his widowed mother and unmarried sister.
Chase ads
Your support can help save his life.
Contact: 6006939828
Bank Details:
A/C No: 1083040150000135
Name: Mohd Khalil Najar
IFSC: JAKA0KHIMBR | Branch: Khimber
قارئین کے لئے اطلاع
........روزنامہ آفتاب میں تمام اشتہارات نیک نیتی کے ساتھ شائع کئے جارہے ہیں ادارہ کسی غلط نتیجے کا ذمہ دار نہیں ہے، اگر کوئی فرم یا کمپنی ادارہ یا فرد رقم طلب کرے تو اس کے لئے اچھی طرح چھان بین کریں........
انچارج اشتہارات
